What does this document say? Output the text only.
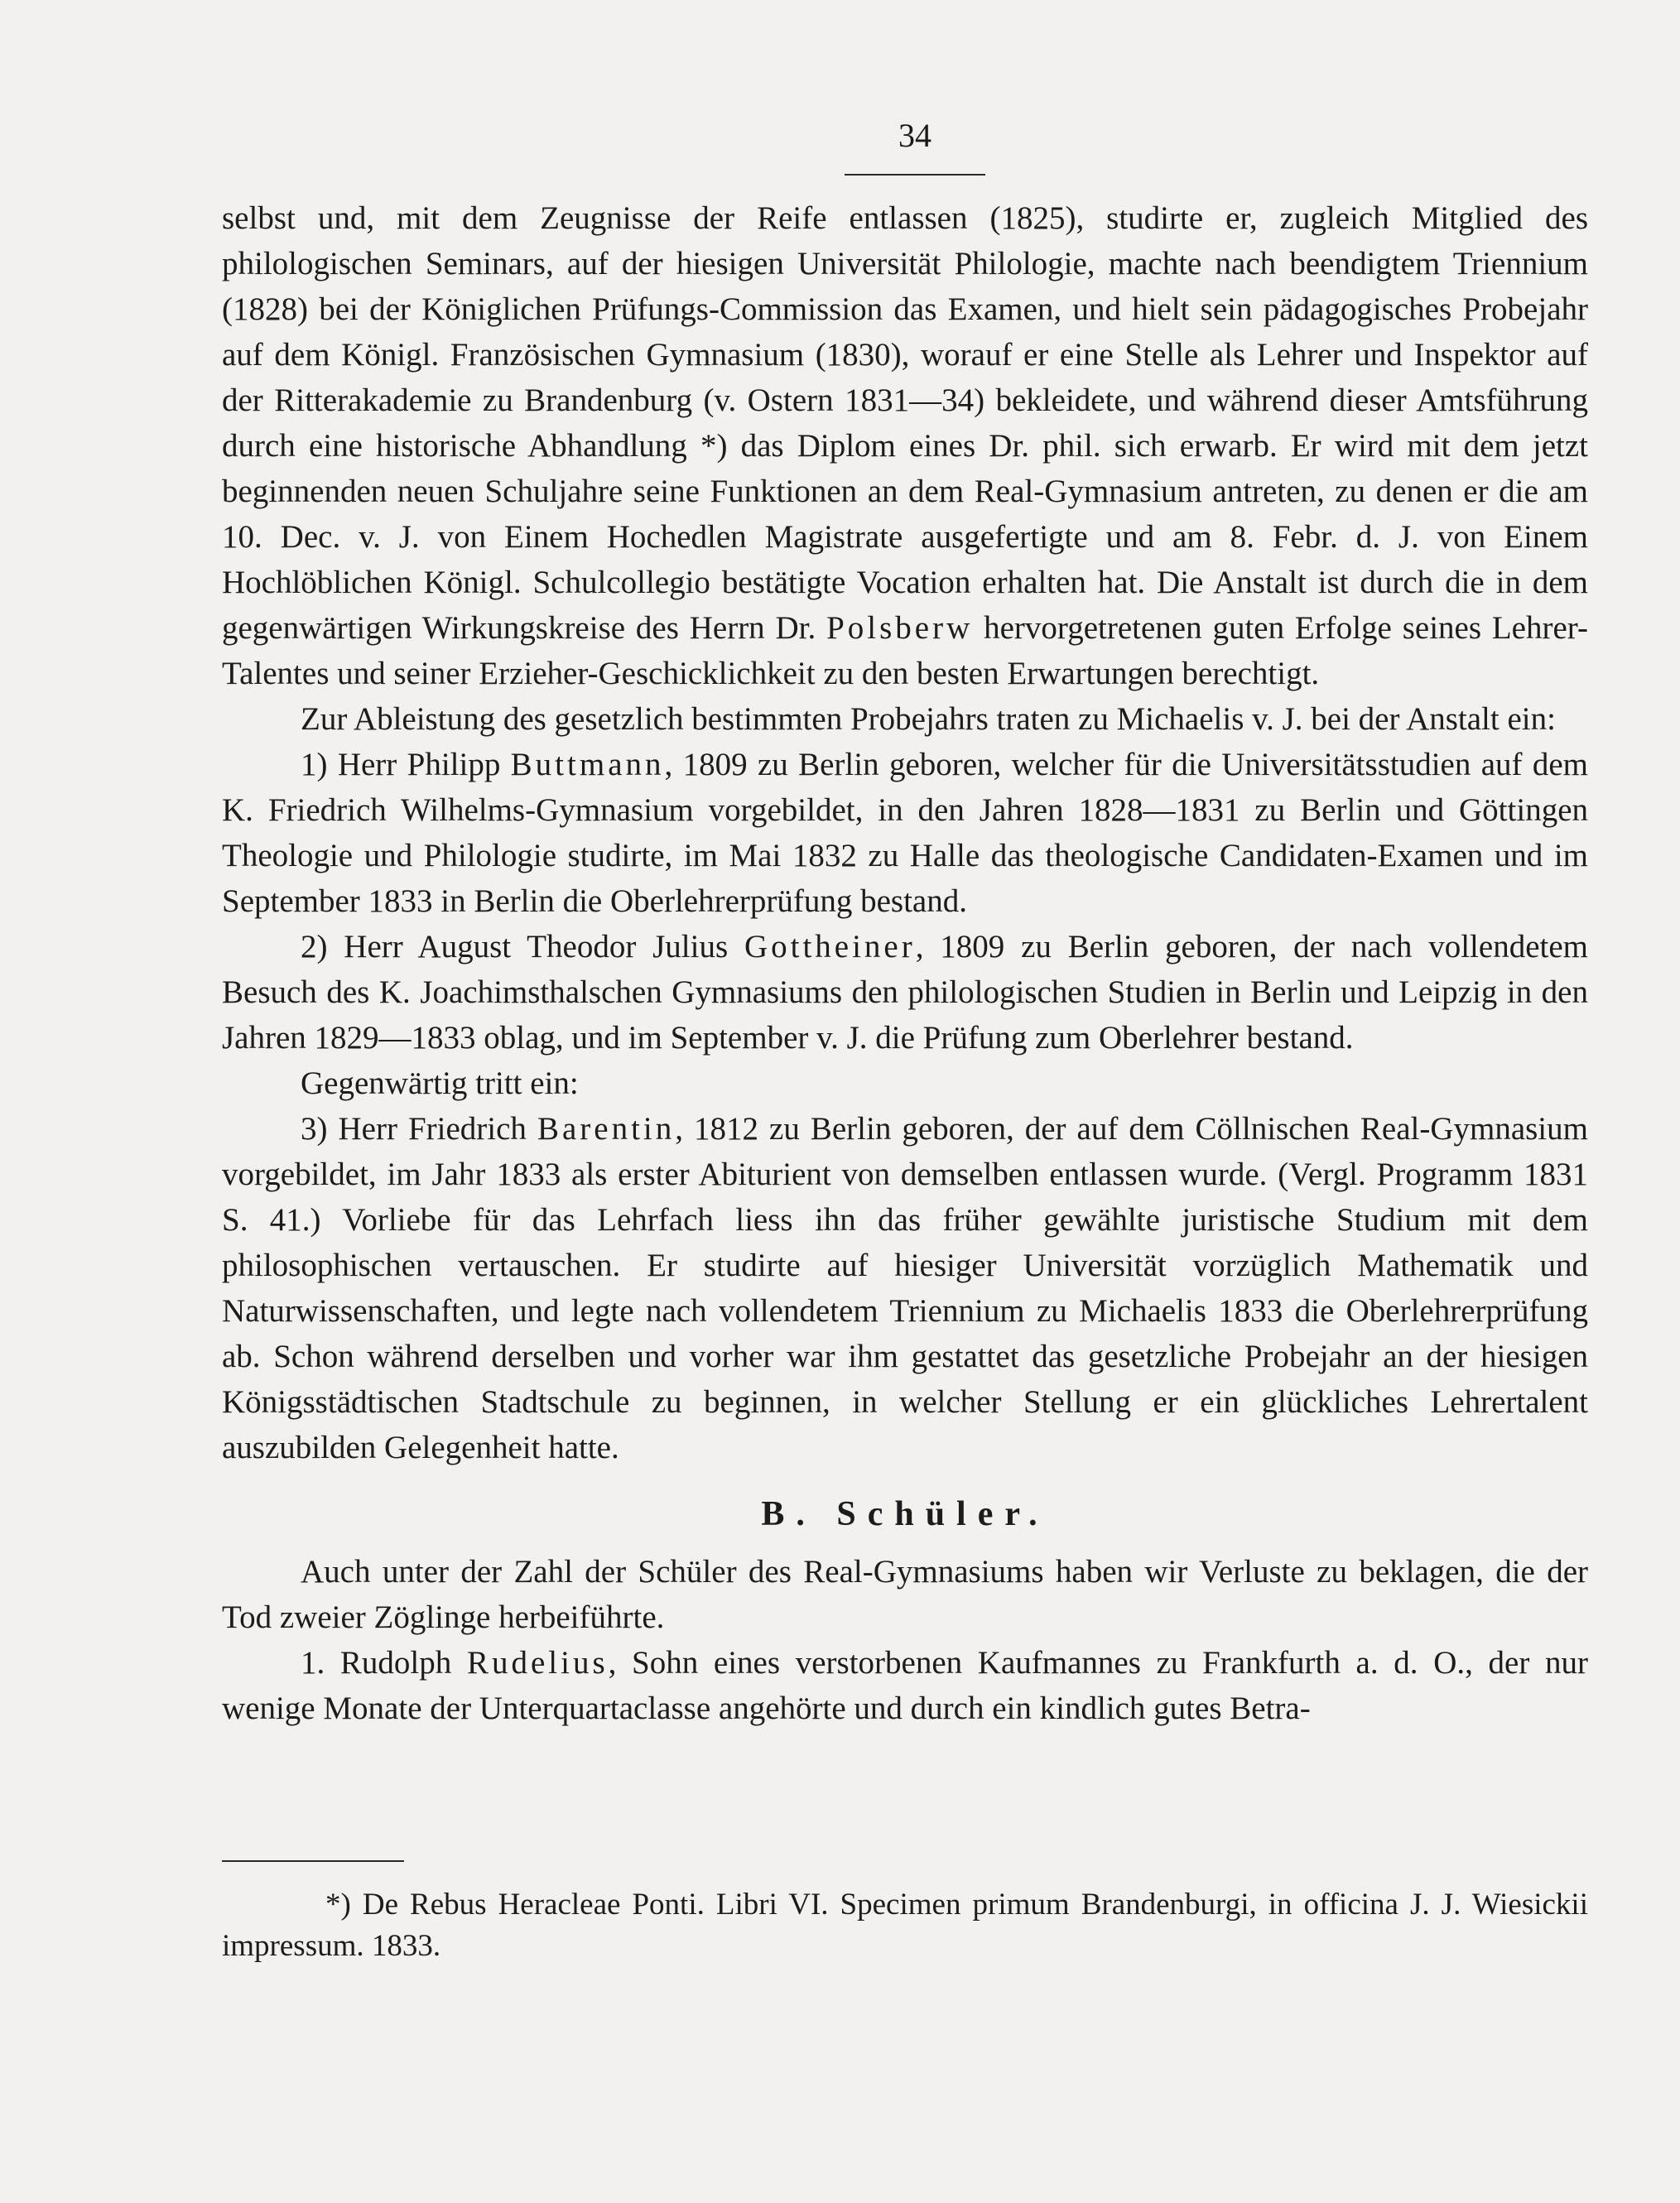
34

selbst und, mit dem Zeugnisse der Reife entlassen (1825), studirte er, zugleich Mitglied des philologischen Seminars, auf der hiesigen Universität Philologie, machte nach beendigtem Triennium (1828) bei der Königlichen Prüfungs-Commission das Examen, und hielt sein pädagogisches Probejahr auf dem Königl. Französischen Gymnasium (1830), worauf er eine Stelle als Lehrer und Inspektor auf der Ritterakademie zu Brandenburg (v. Ostern 1831—34) bekleidete, und während dieser Amtsführung durch eine historische Abhandlung *) das Diplom eines Dr. phil. sich erwarb. Er wird mit dem jetzt beginnenden neuen Schuljahre seine Funktionen an dem Real-Gymnasium antreten, zu denen er die am 10. Dec. v. J. von Einem Hochedlen Magistrate ausgefertigte und am 8. Febr. d. J. von Einem Hochlöblichen Königl. Schulcollegio bestätigte Vocation erhalten hat. Die Anstalt ist durch die in dem gegenwärtigen Wirkungskreise des Herrn Dr. Polsberw hervorgetretenen guten Erfolge seines Lehrer-Talentes und seiner Erzieher-Geschicklichkeit zu den besten Erwartungen berechtigt.

Zur Ableistung des gesetzlich bestimmten Probejahrs traten zu Michaelis v. J. bei der Anstalt ein:

1) Herr Philipp Buttmann, 1809 zu Berlin geboren, welcher für die Universitätsstudien auf dem K. Friedrich Wilhelms-Gymnasium vorgebildet, in den Jahren 1828—1831 zu Berlin und Göttingen Theologie und Philologie studirte, im Mai 1832 zu Halle das theologische Candidaten-Examen und im September 1833 in Berlin die Oberlehrerprüfung bestand.

2) Herr August Theodor Julius Gottheiner, 1809 zu Berlin geboren, der nach vollendetem Besuch des K. Joachimsthalschen Gymnasiums den philologischen Studien in Berlin und Leipzig in den Jahren 1829—1833 oblag, und im September v. J. die Prüfung zum Oberlehrer bestand.

Gegenwärtig tritt ein:

3) Herr Friedrich Barentin, 1812 zu Berlin geboren, der auf dem Cöllnischen Real-Gymnasium vorgebildet, im Jahr 1833 als erster Abiturient von demselben entlassen wurde. (Vergl. Programm 1831 S. 41.) Vorliebe für das Lehrfach liess ihn das früher gewählte juristische Studium mit dem philosophischen vertauschen. Er studirte auf hiesiger Universität vorzüglich Mathematik und Naturwissenschaften, und legte nach vollendetem Triennium zu Michaelis 1833 die Oberlehrerprüfung ab. Schon während derselben und vorher war ihm gestattet das gesetzliche Probejahr an der hiesigen Königsstädtischen Stadtschule zu beginnen, in welcher Stellung er ein glückliches Lehrertalent auszubilden Gelegenheit hatte.

B. Schüler.

Auch unter der Zahl der Schüler des Real-Gymnasiums haben wir Verluste zu beklagen, die der Tod zweier Zöglinge herbeiführte.

1. Rudolph Rudelius, Sohn eines verstorbenen Kaufmannes zu Frankfurth a. d. O., der nur wenige Monate der Unterquartaclasse angehörte und durch ein kindlich gutes Betra-

*) De Rebus Heracleae Ponti. Libri VI. Specimen primum Brandenburgi, in officina J. J. Wiesickii impressum. 1833.
